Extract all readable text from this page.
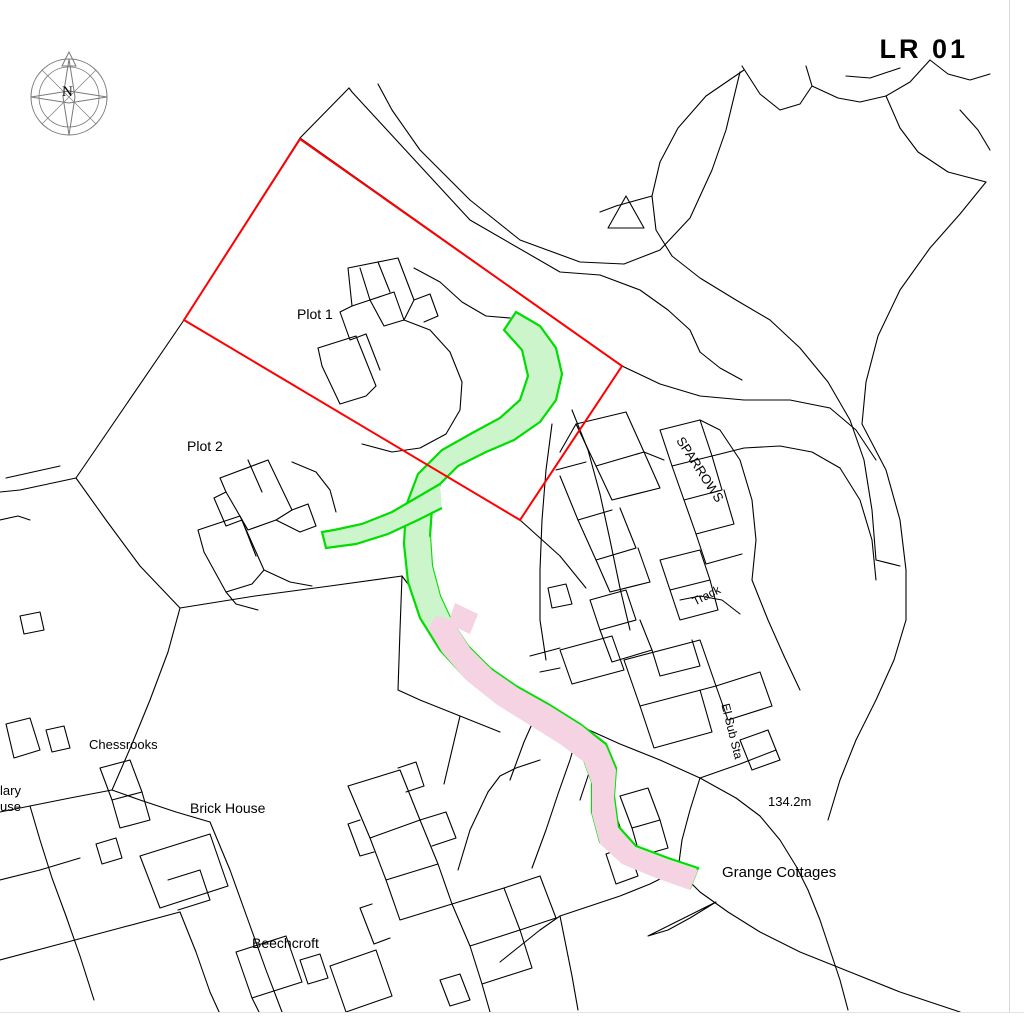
N
LR 01
Plot 1
Plot 2	SPARROWS
Track
El Sub Sta
134.2m
Grange Cottages
Chessrooks
Brick House
Beechcroft
lary
use
